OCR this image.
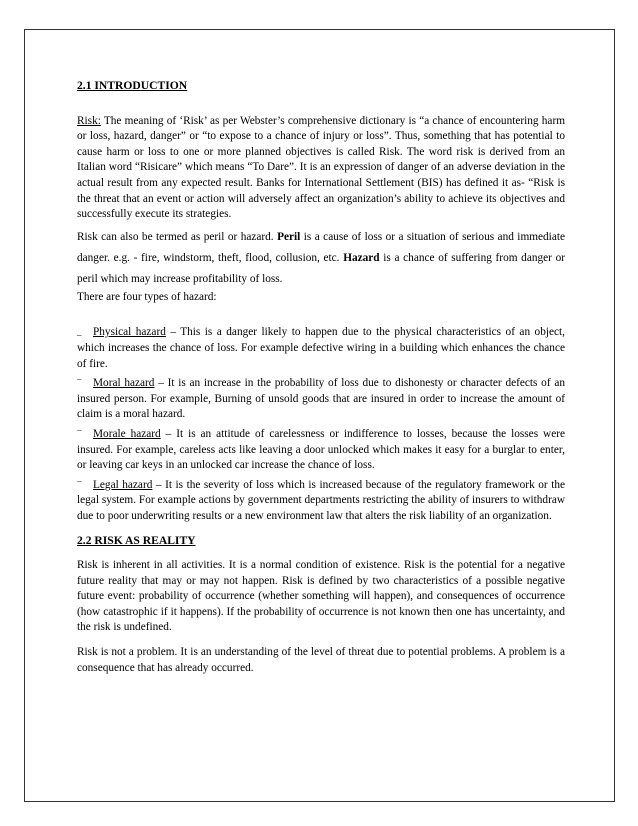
2.1 INTRODUCTION

Risk: The meaning of ‘Risk’ as per Webster’s comprehensive dictionary is “a chance of encountering harm or loss, hazard, danger” or “to expose to a chance of injury or loss”. Thus, something that has potential to cause harm or loss to one or more planned objectives is called Risk. The word risk is derived from an Italian word “Risicare” which means “To Dare”. It is an expression of danger of an adverse deviation in the actual result from any expected result. Banks for International Settlement (BIS) has defined it as- “Risk is the threat that an event or action will adversely affect an organization’s ability to achieve its objectives and successfully execute its strategies.

Risk can also be termed as peril or hazard. Peril is a cause of loss or a situation of serious and immediate danger. e.g. - fire, windstorm, theft, flood, collusion, etc. Hazard is a chance of suffering from danger or peril which may increase profitability of loss.

There are four types of hazard:

_ Physical hazard – This is a danger likely to happen due to the physical characteristics of an object, which increases the chance of loss. For example defective wiring in a building which enhances the chance of fire.

¯ Moral hazard – It is an increase in the probability of loss due to dishonesty or character defects of an insured person. For example, Burning of unsold goods that are insured in order to increase the amount of claim is a moral hazard.

¯ Morale hazard – It is an attitude of carelessness or indifference to losses, because the losses were insured. For example, careless acts like leaving a door unlocked which makes it easy for a burglar to enter, or leaving car keys in an unlocked car increase the chance of loss.

¯ Legal hazard – It is the severity of loss which is increased because of the regulatory framework or the legal system. For example actions by government departments restricting the ability of insurers to withdraw due to poor underwriting results or a new environment law that alters the risk liability of an organization.

2.2 RISK AS REALITY

Risk is inherent in all activities. It is a normal condition of existence. Risk is the potential for a negative future reality that may or may not happen. Risk is defined by two characteristics of a possible negative future event: probability of occurrence (whether something will happen), and consequences of occurrence (how catastrophic if it happens). If the probability of occurrence is not known then one has uncertainty, and the risk is undefined.

Risk is not a problem. It is an understanding of the level of threat due to potential problems. A problem is a consequence that has already occurred.
